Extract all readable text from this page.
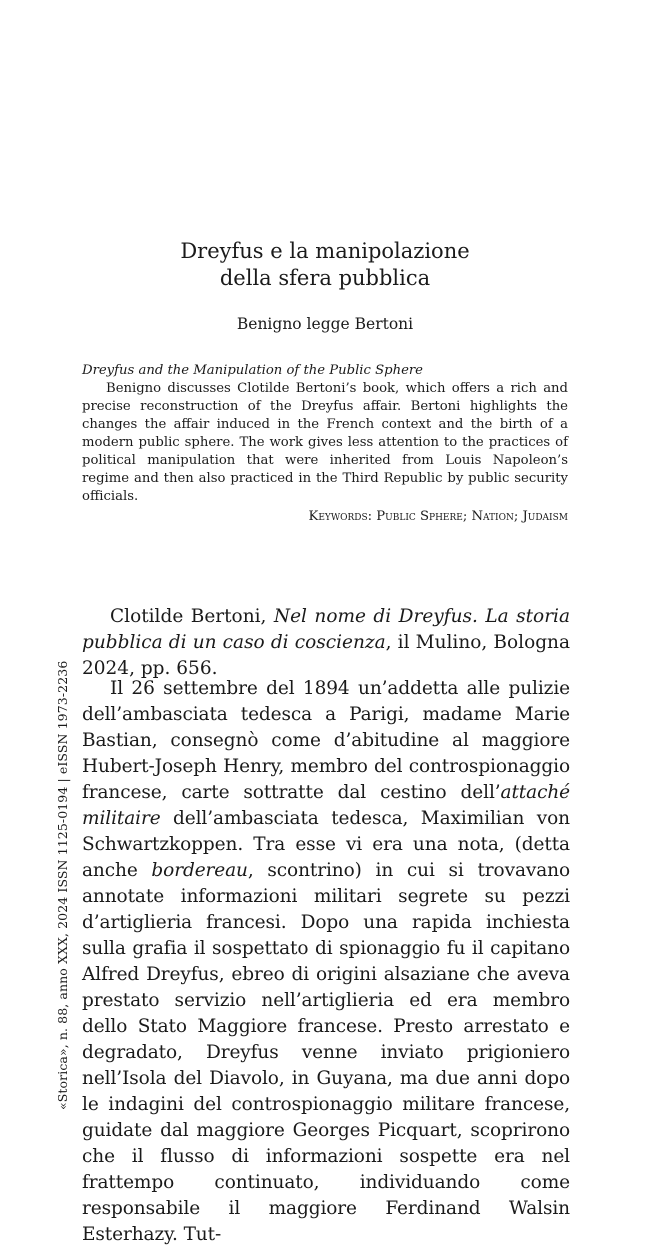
«Storica», n. 88, anno XXX, 2024 ISSN 1125-0194 | eISSN 1973-2236
Dreyfus e la manipolazione
della sfera pubblica
Benigno legge Bertoni
Dreyfus and the Manipulation of the Public Sphere
Benigno discusses Clotilde Bertoni’s book, which offers a rich and precise reconstruction of the Dreyfus affair. Bertoni highlights the changes the affair induced in the French context and the birth of a modern public sphere. The work gives less attention to the practices of political manipulation that were inherited from Louis Napoleon’s regime and then also practiced in the Third Republic by public security officials.
Keywords: Public Sphere; Nation; Judaism
Clotilde Bertoni, Nel nome di Dreyfus. La storia pubblica di un caso di coscienza, il Mulino, Bologna 2024, pp. 656.
Il 26 settembre del 1894 un’addetta alle pulizie dell’ambasciata tedesca a Parigi, madame Marie Bastian, consegnò come d’abitudine al maggiore Hubert-Joseph Henry, membro del controspionaggio francese, carte sottratte dal cestino dell’attaché militaire dell’ambasciata tedesca, Maximilian von Schwartzkoppen. Tra esse vi era una nota, (detta anche bordereau, scontrino) in cui si trovavano annotate informazioni militari segrete su pezzi d’artiglieria francesi. Dopo una rapida inchiesta sulla grafia il sospettato di spionaggio fu il capitano Alfred Dreyfus, ebreo di origini alsaziane che aveva prestato servizio nell’artiglieria ed era membro dello Stato Maggiore francese. Presto arrestato e degradato, Dreyfus venne inviato prigioniero nell’Isola del Diavolo, in Guyana, ma due anni dopo le indagini del controspionaggio militare francese, guidate dal maggiore Georges Picquart, scoprirono che il flusso di informazioni sospette era nel frattempo continuato, individuando come responsabile il maggiore Ferdinand Walsin Esterhazy. Tut-
